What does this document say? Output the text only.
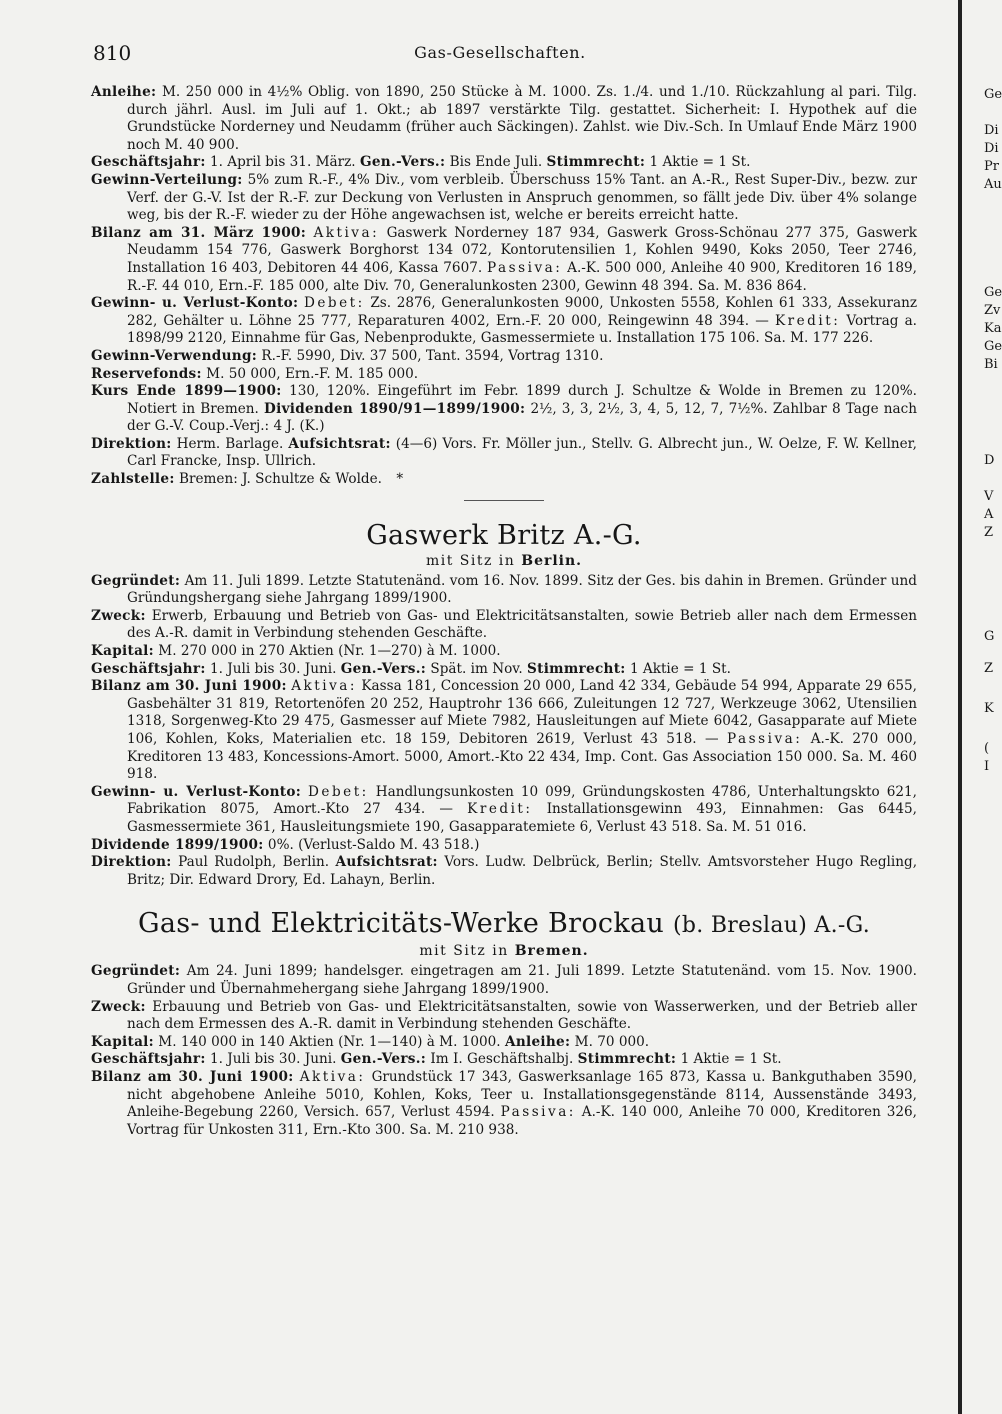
810	Gas-Gesellschaften.
Ge
Di
Di
Pr
Au
Ge
Zv
Ka
Ge
Bi
D
V
A
Z
G
Z
K
(
I

Anleihe: M. 250 000 in 4½% Oblig. von 1890, 250 Stücke à M. 1000. Zs. 1./4. und 1./10. Rückzahlung al pari. Tilg. durch jährl. Ausl. im Juli auf 1. Okt.; ab 1897 verstärkte Tilg. gestattet. Sicherheit: I. Hypothek auf die Grundstücke Norderney und Neudamm (früher auch Säckingen). Zahlst. wie Div.-Sch. In Umlauf Ende März 1900 noch M. 40 900.

Geschäftsjahr: 1. April bis 31. März. Gen.-Vers.: Bis Ende Juli. Stimmrecht: 1 Aktie = 1 St.

Gewinn-Verteilung: 5% zum R.-F., 4% Div., vom verbleib. Überschuss 15% Tant. an A.-R., Rest Super-Div., bezw. zur Verf. der G.-V. Ist der R.-F. zur Deckung von Verlusten in Anspruch genommen, so fällt jede Div. über 4% solange weg, bis der R.-F. wieder zu der Höhe angewachsen ist, welche er bereits erreicht hatte.

Bilanz am 31. März 1900: Aktiva: Gaswerk Norderney 187 934, Gaswerk Gross-Schönau 277 375, Gaswerk Neudamm 154 776, Gaswerk Borghorst 134 072, Kontorutensilien 1, Kohlen 9490, Koks 2050, Teer 2746, Installation 16 403, Debitoren 44 406, Kassa 7607. Passiva: A.-K. 500 000, Anleihe 40 900, Kreditoren 16 189, R.-F. 44 010, Ern.-F. 185 000, alte Div. 70, Generalunkosten 2300, Gewinn 48 394. Sa. M. 836 864.

Gewinn- u. Verlust-Konto: Debet: Zs. 2876, Generalunkosten 9000, Unkosten 5558, Kohlen 61 333, Assekuranz 282, Gehälter u. Löhne 25 777, Reparaturen 4002, Ern.-F. 20 000, Reingewinn 48 394. — Kredit: Vortrag a. 1898/99 2120, Einnahme für Gas, Nebenprodukte, Gasmessermiete u. Installation 175 106. Sa. M. 177 226.

Gewinn-Verwendung: R.-F. 5990, Div. 37 500, Tant. 3594, Vortrag 1310.

Reservefonds: M. 50 000, Ern.-F. M. 185 000.

Kurs Ende 1899—1900: 130, 120%. Eingeführt im Febr. 1899 durch J. Schultze & Wolde in Bremen zu 120%. Notiert in Bremen. Dividenden 1890/91—1899/1900: 2½, 3, 3, 2½, 3, 4, 5, 12, 7, 7½%. Zahlbar 8 Tage nach der G.-V. Coup.-Verj.: 4 J. (K.)

Direktion: Herm. Barlage. Aufsichtsrat: (4—6) Vors. Fr. Möller jun., Stellv. G. Albrecht jun., W. Oelze, F. W. Kellner, Carl Francke, Insp. Ullrich.

Zahlstelle: Bremen: J. Schultze & Wolde. *

Gaswerk Britz A.-G.
mit Sitz in Berlin.

Gegründet: Am 11. Juli 1899. Letzte Statutenänd. vom 16. Nov. 1899. Sitz der Ges. bis dahin in Bremen. Gründer und Gründungshergang siehe Jahrgang 1899/1900.

Zweck: Erwerb, Erbauung und Betrieb von Gas- und Elektricitätsanstalten, sowie Betrieb aller nach dem Ermessen des A.-R. damit in Verbindung stehenden Geschäfte.

Kapital: M. 270 000 in 270 Aktien (Nr. 1—270) à M. 1000.

Geschäftsjahr: 1. Juli bis 30. Juni. Gen.-Vers.: Spät. im Nov. Stimmrecht: 1 Aktie = 1 St.

Bilanz am 30. Juni 1900: Aktiva: Kassa 181, Concession 20 000, Land 42 334, Gebäude 54 994, Apparate 29 655, Gasbehälter 31 819, Retortenöfen 20 252, Hauptrohr 136 666, Zuleitungen 12 727, Werkzeuge 3062, Utensilien 1318, Sorgenweg-Kto 29 475, Gasmesser auf Miete 7982, Hausleitungen auf Miete 6042, Gasapparate auf Miete 106, Kohlen, Koks, Materialien etc. 18 159, Debitoren 2619, Verlust 43 518. — Passiva: A.-K. 270 000, Kreditoren 13 483, Koncessions-Amort. 5000, Amort.-Kto 22 434, Imp. Cont. Gas Association 150 000. Sa. M. 460 918.

Gewinn- u. Verlust-Konto: Debet: Handlungsunkosten 10 099, Gründungskosten 4786, Unterhaltungskto 621, Fabrikation 8075, Amort.-Kto 27 434. — Kredit: Installationsgewinn 493, Einnahmen: Gas 6445, Gasmessermiete 361, Hausleitungsmiete 190, Gasapparatemiete 6, Verlust 43 518. Sa. M. 51 016.

Dividende 1899/1900: 0%. (Verlust-Saldo M. 43 518.)

Direktion: Paul Rudolph, Berlin. Aufsichtsrat: Vors. Ludw. Delbrück, Berlin; Stellv. Amtsvorsteher Hugo Regling, Britz; Dir. Edward Drory, Ed. Lahayn, Berlin.

Gas- und Elektricitäts-Werke Brockau (b. Breslau) A.-G.
mit Sitz in Bremen.

Gegründet: Am 24. Juni 1899; handelsger. eingetragen am 21. Juli 1899. Letzte Statutenänd. vom 15. Nov. 1900. Gründer und Übernahmehergang siehe Jahrgang 1899/1900.

Zweck: Erbauung und Betrieb von Gas- und Elektricitätsanstalten, sowie von Wasserwerken, und der Betrieb aller nach dem Ermessen des A.-R. damit in Verbindung stehenden Geschäfte.

Kapital: M. 140 000 in 140 Aktien (Nr. 1—140) à M. 1000. Anleihe: M. 70 000.

Geschäftsjahr: 1. Juli bis 30. Juni. Gen.-Vers.: Im I. Geschäftshalbj. Stimmrecht: 1 Aktie = 1 St.

Bilanz am 30. Juni 1900: Aktiva: Grundstück 17 343, Gaswerksanlage 165 873, Kassa u. Bankguthaben 3590, nicht abgehobene Anleihe 5010, Kohlen, Koks, Teer u. Installationsgegenstände 8114, Aussenstände 3493, Anleihe-Begebung 2260, Versich. 657, Verlust 4594. Passiva: A.-K. 140 000, Anleihe 70 000, Kreditoren 326, Vortrag für Unkosten 311, Ern.-Kto 300. Sa. M. 210 938.
